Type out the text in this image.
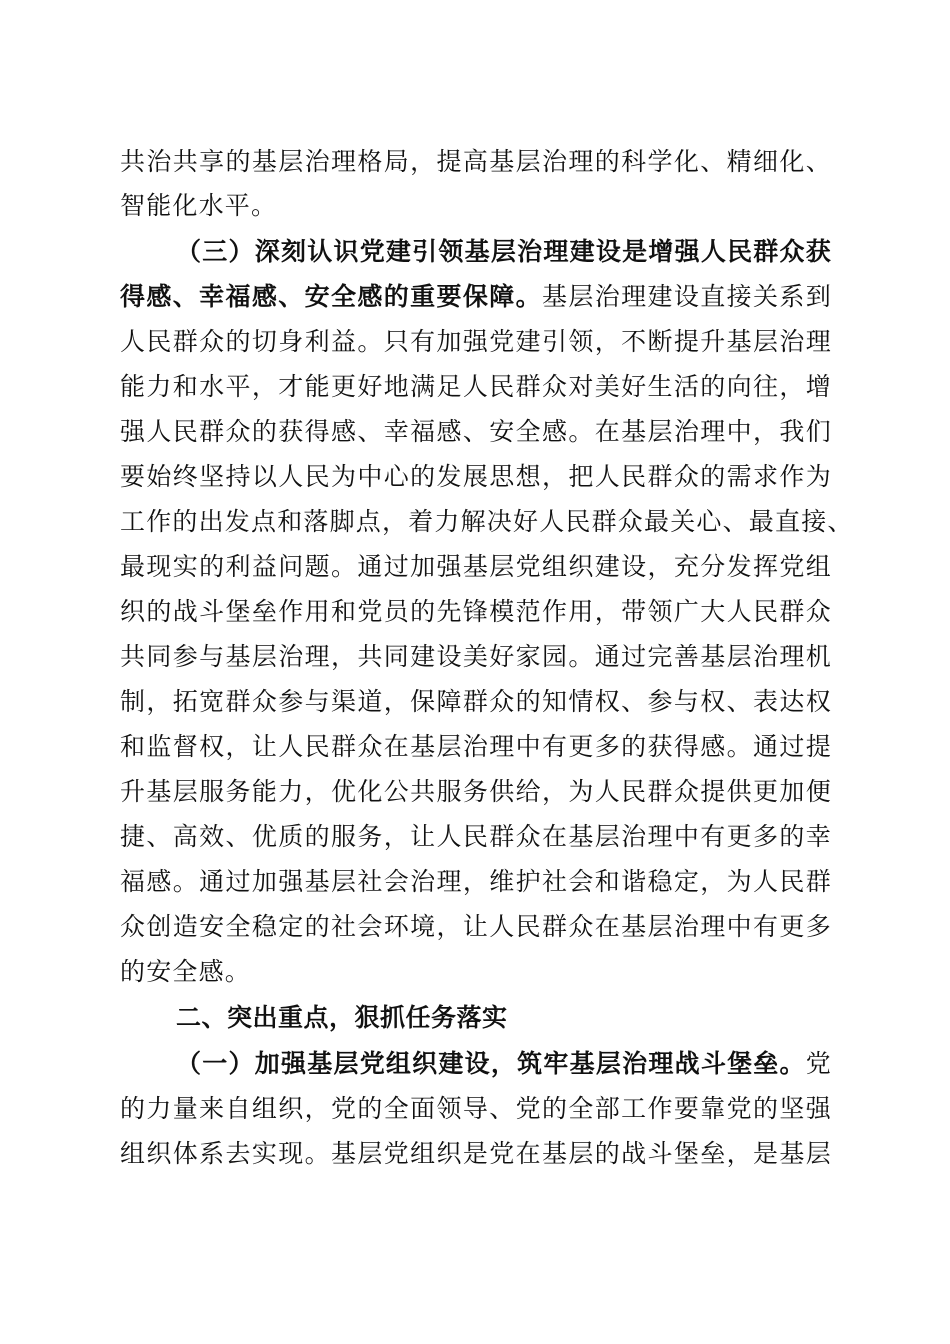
共治共享的基层治理格局，提高基层治理的科学化、精细化、
智能化水平。
（三）深刻认识党建引领基层治理建设是增强人民群众获
得感、幸福感、安全感的重要保障。基层治理建设直接关系到
人民群众的切身利益。只有加强党建引领，不断提升基层治理
能力和水平，才能更好地满足人民群众对美好生活的向往，增
强人民群众的获得感、幸福感、安全感。在基层治理中，我们
要始终坚持以人民为中心的发展思想，把人民群众的需求作为
工作的出发点和落脚点，着力解决好人民群众最关心、最直接、
最现实的利益问题。通过加强基层党组织建设，充分发挥党组
织的战斗堡垒作用和党员的先锋模范作用，带领广大人民群众
共同参与基层治理，共同建设美好家园。通过完善基层治理机
制，拓宽群众参与渠道，保障群众的知情权、参与权、表达权
和监督权，让人民群众在基层治理中有更多的获得感。通过提
升基层服务能力，优化公共服务供给，为人民群众提供更加便
捷、高效、优质的服务，让人民群众在基层治理中有更多的幸
福感。通过加强基层社会治理，维护社会和谐稳定，为人民群
众创造安全稳定的社会环境，让人民群众在基层治理中有更多
的安全感。
二、突出重点，狠抓任务落实
（一）加强基层党组织建设，筑牢基层治理战斗堡垒。党
的力量来自组织，党的全面领导、党的全部工作要靠党的坚强
组织体系去实现。基层党组织是党在基层的战斗堡垒，是基层
